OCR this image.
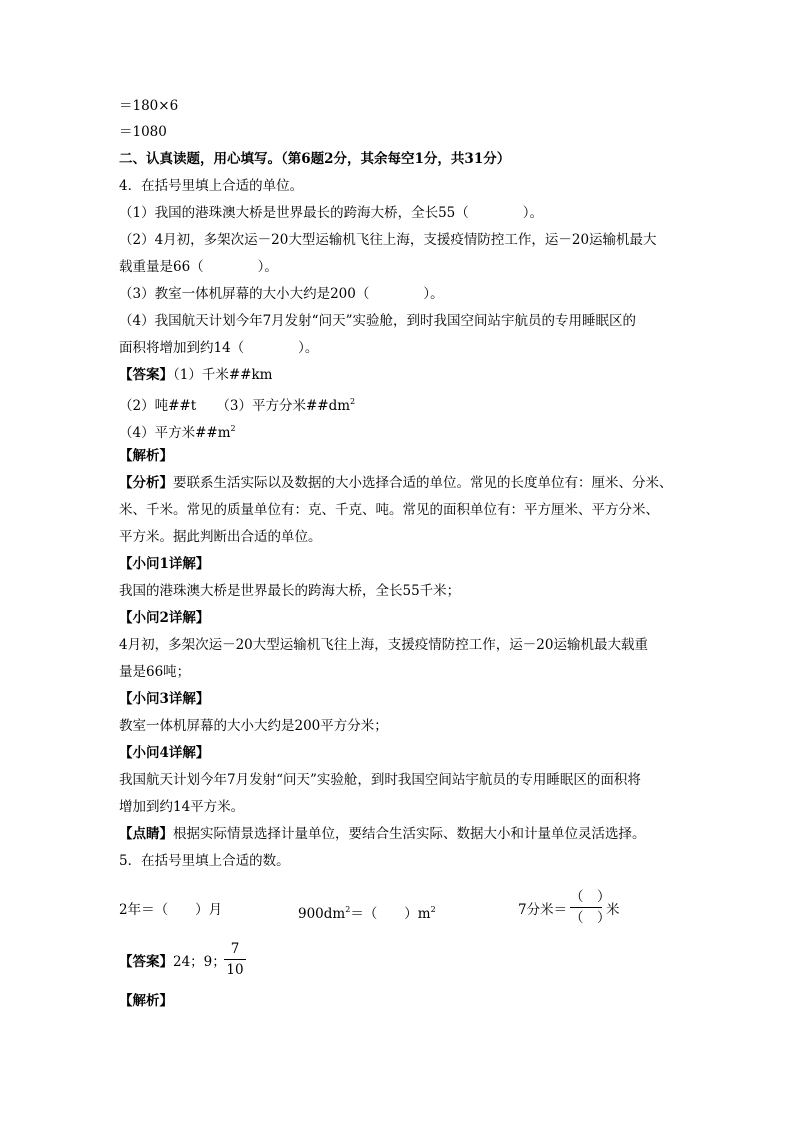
＝180×6
＝1080
二、认真读题，用心填写。（第6题2分，其余每空1分，共31分）
4．在括号里填上合适的单位。
（1）我国的港珠澳大桥是世界最长的跨海大桥，全长55（　　　　）。
（2）4月初，多架次运－20大型运输机飞往上海，支援疫情防控工作，运－20运输机最大
载重量是66（　　　　）。
（3）教室一体机屏幕的大小大约是200（　　　　）。
（4）我国航天计划今年7月发射“问天”实验舱，到时我国空间站宇航员的专用睡眠区的
面积将增加到约14（　　　　）。
【答案】（1）千米##km
（2）吨##t　　（3）平方分米$\#\#dm^2$
（4）平方米$\#\#m^2$
【解析】
【分析】要联系生活实际以及数据的大小选择合适的单位。常见的长度单位有：厘米、分米、
米、千米。常见的质量单位有：克、千克、吨。常见的面积单位有：平方厘米、平方分米、
平方米。据此判断出合适的单位。
【小问1详解】
我国的港珠澳大桥是世界最长的跨海大桥，全长55千米；
【小问2详解】
4月初，多架次运－20大型运输机飞往上海，支援疫情防控工作，运－20运输机最大载重
量是66吨；
【小问3详解】
教室一体机屏幕的大小大约是200平方分米；
【小问4详解】
我国航天计划今年7月发射“问天”实验舱，到时我国空间站宇航员的专用睡眠区的面积将
增加到约14平方米。
【点睛】根据实际情景选择计量单位，要结合生活实际、数据大小和计量单位灵活选择。
5．在括号里填上合适的数。
2年＝（　　）月	$900dm^2=$（　　）$m^2$	7分米＝
（　）
（　）
米
【答案】24；9；
7
10
【解析】
